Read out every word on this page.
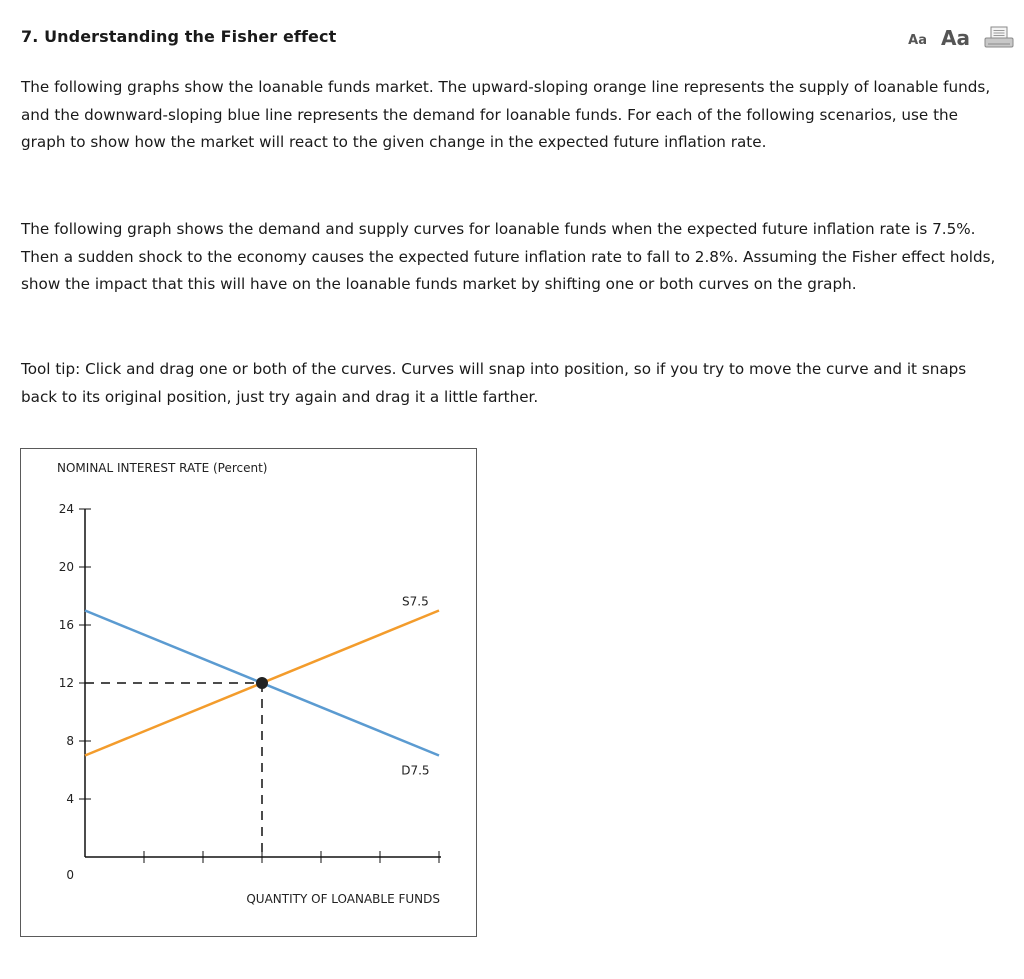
7. Understanding the Fisher effect	Aa Aa

The following graphs show the loanable funds market. The upward-sloping orange line represents the supply of loanable funds, and the downward-sloping blue line represents the demand for loanable funds. For each of the following scenarios, use the graph to show how the market will react to the given change in the expected future inflation rate.

The following graph shows the demand and supply curves for loanable funds when the expected future inflation rate is 7.5%. Then a sudden shock to the economy causes the expected future inflation rate to fall to 2.8%. Assuming the Fisher effect holds, show the impact that this will have on the loanable funds market by shifting one or both curves on the graph.

Tool tip: Click and drag one or both of the curves. Curves will snap into position, so if you try to move the curve and it snaps back to its original position, just try again and drag it a little farther.

NOMINAL INTEREST RATE (Percent)
QUANTITY OF LOANABLE FUNDS
0
4
8
12
16
20
24
S7.5
D7.5
